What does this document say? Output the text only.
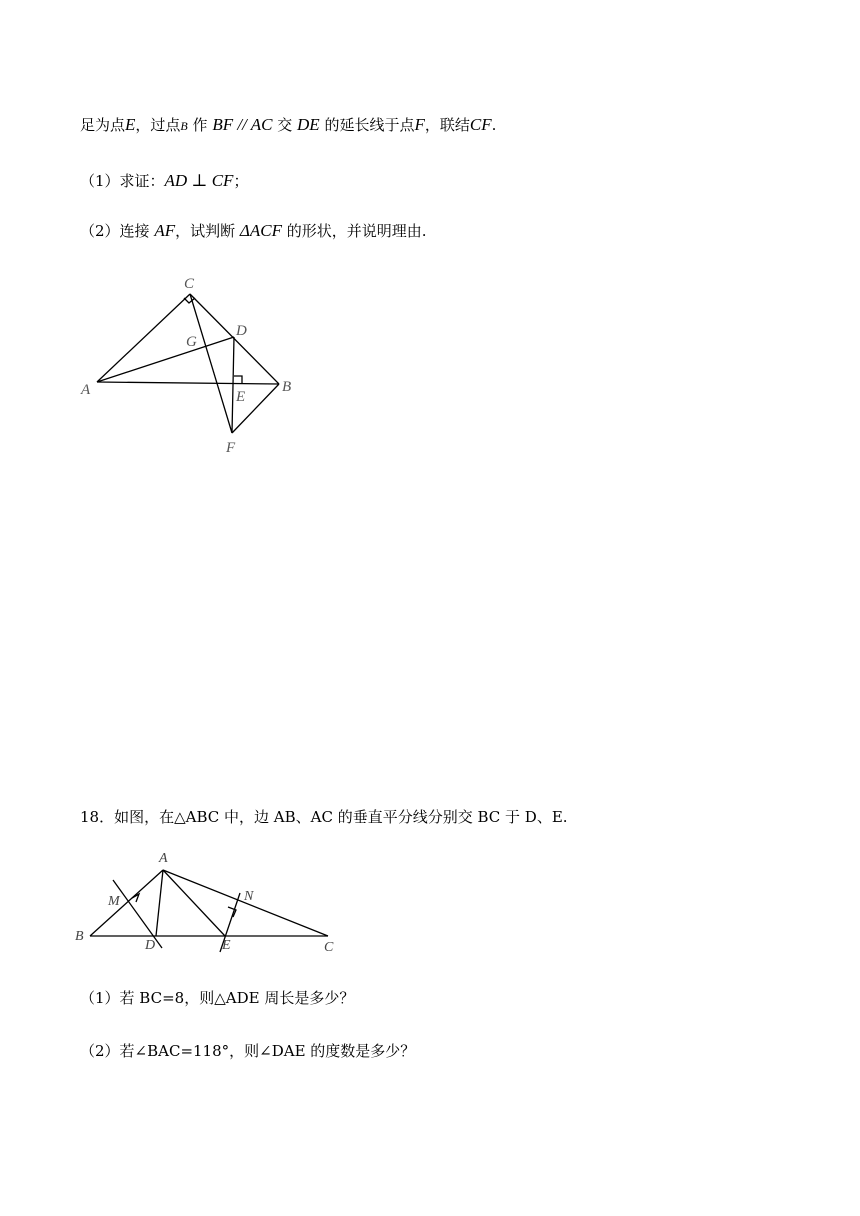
足为点E，过点B 作 BF // AC 交 DE 的延长线于点F，联结CF.
（1）求证：AD ⊥ CF；
（2）连接 AF，试判断 ΔACF 的形状，并说明理由.
C
D
G
A	B
E
F
18．如图，在△ABC 中，边 AB、AC 的垂直平分线分别交 BC 于 D、E.
A
B
C
D	E
M	N
（1）若 BC=8，则△ADE 周长是多少？
（2）若∠BAC=118°，则∠DAE 的度数是多少？
